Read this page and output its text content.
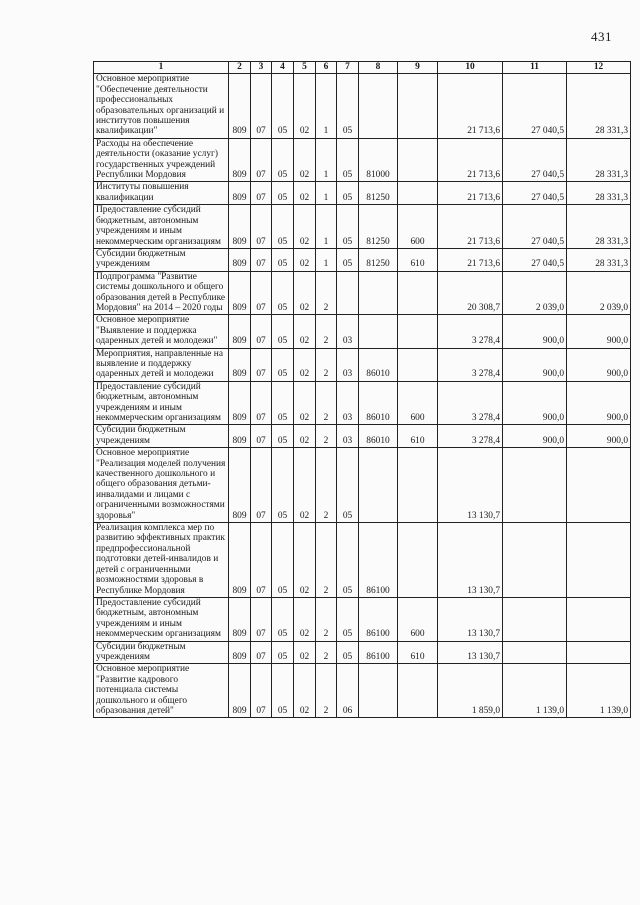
431
1	2	3	4	5	6	7	8	9	10	11	12
Основное мероприятие "Обеспечение деятельности профессиональных образовательных организаций и институтов повышения квалификации"	809	07	05	02	1	05			21 713,6	27 040,5	28 331,3
Расходы на обеспечение деятельности (оказание услуг) государственных учреждений Республики Мордовия	809	07	05	02	1	05	81000		21 713,6	27 040,5	28 331,3
Институты повышения квалификации	809	07	05	02	1	05	81250		21 713,6	27 040,5	28 331,3
Предоставление субсидий бюджетным, автономным учреждениям и иным некоммерческим организациям	809	07	05	02	1	05	81250	600	21 713,6	27 040,5	28 331,3
Субсидии бюджетным учреждениям	809	07	05	02	1	05	81250	610	21 713,6	27 040,5	28 331,3
Подпрограмма "Развитие системы дошкольного и общего образования детей в Республике Мордовия" на 2014 – 2020 годы	809	07	05	02	2				20 308,7	2 039,0	2 039,0
Основное мероприятие "Выявление и поддержка одаренных детей и молодежи"	809	07	05	02	2	03			3 278,4	900,0	900,0
Мероприятия, направленные на выявление и поддержку одаренных детей и молодежи	809	07	05	02	2	03	86010		3 278,4	900,0	900,0
Предоставление субсидий бюджетным, автономным учреждениям и иным некоммерческим организациям	809	07	05	02	2	03	86010	600	3 278,4	900,0	900,0
Субсидии бюджетным учреждениям	809	07	05	02	2	03	86010	610	3 278,4	900,0	900,0
Основное мероприятие "Реализация моделей получения качественного дошкольного и общего образования детьми-инвалидами и лицами с ограниченными возможностями здоровья"	809	07	05	02	2	05			13 130,7		
Реализация комплекса мер по развитию эффективных практик предпрофессиональной подготовки детей-инвалидов и детей с ограниченными возможностями здоровья в Республике Мордовия	809	07	05	02	2	05	86100		13 130,7		
Предоставление субсидий бюджетным, автономным учреждениям и иным некоммерческим организациям	809	07	05	02	2	05	86100	600	13 130,7		
Субсидии бюджетным учреждениям	809	07	05	02	2	05	86100	610	13 130,7		
Основное мероприятие "Развитие кадрового потенциала системы дошкольного и общего образования детей"	809	07	05	02	2	06			1 859,0	1 139,0	1 139,0
